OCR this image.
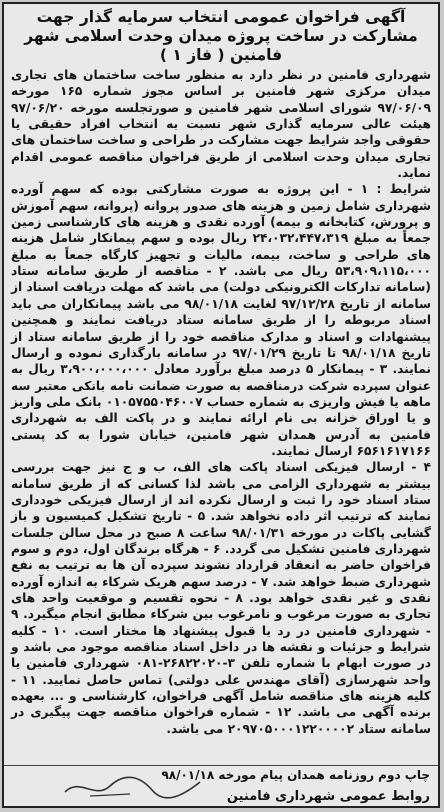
آگهی فراخوان عمومی انتخاب سرمایه گذار جهت مشارکت در ساخت پروژه میدان وحدت اسلامی شهر فامنین ( فاز ۱ )

شهرداری فامنین در نظر دارد به منظور ساخت ساختمان های تجاری میدان مرکزی شهر فامنین بر اساس مجوز شماره ۱۶۵ مورخه ۹۷/۰۶/۰۹ شورای اسلامی شهر فامنین و صورتجلسه مورخه ۹۷/۰۶/۲۰ هیئت عالی سرمایه گذاری شهر نسبت به انتخاب افراد حقیقی یا حقوقی واجد شرایط جهت مشارکت در طراحی و ساخت ساختمان های تجاری میدان وحدت اسلامی از طریق فراخوان مناقصه عمومی اقدام نماید.

شرایط : ۱ - این پروژه به صورت مشارکتی بوده که سهم آورده شهرداری شامل زمین و هزینه های صدور پروانه (پروانه، سهم آموزش و پرورش، کتابخانه و بیمه) آورده نقدی و هزینه های کارشناسی زمین جمعاً به مبلغ ۲۴،۰۳۲،۴۴۷،۳۱۹ ریال بوده و سهم پیمانکار شامل هزینه های طراحی و ساخت، بیمه، مالیات و تجهیز کارگاه جمعاً به مبلغ ۵۳،۹۰۹،۱۱۵،۰۰۰ ریال می باشد. ۲ - مناقصه از طریق سامانه ستاد (سامانه تدارکات الکترونیکی دولت) می باشد که مهلت دریافت اسناد از سامانه از تاریخ ۹۷/۱۲/۲۸ لغایت ۹۸/۰۱/۱۸ می باشد پیمانکاران می باید اسناد مربوطه را از طریق سامانه ستاد دریافت نمایند و همچنین پیشنهادات و اسناد و مدارک مناقصه خود را از طریق سامانه ستاد از تاریخ ۹۸/۰۱/۱۸ تا تاریخ ۹۷/۰۱/۲۹ در سامانه بارگذاری نموده و ارسال نمایند. ۳ - پیمانکار ۵ درصد مبلغ برآورد معادل ۳،۹۰۰،۰۰۰،۰۰۰ ریال به عنوان سپرده شرکت درمناقصه به صورت ضمانت نامه بانکی معتبر سه ماهه یا فیش واریزی به شماره حساب ۰۱۰۵۷۵۵۰۴۶۰۰۷ بانک ملی واریز و یا اوراق خزانه بی نام ارائه نمایند و در پاکت الف به شهرداری فامنین به آدرس همدان شهر فامنین، خیابان شورا به کد پستی ۶۵۶۱۶۱۷۱۶۶ ارسال نمایند.

۴ - ارسال فیزیکی اسناد پاکت های الف، ب و ج نیز جهت بررسی بیشتر به شهرداری الزامی می باشد لذا کسانی که از طریق سامانه ستاد اسناد خود را ثبت و ارسال نکرده اند از ارسال فیزیکی خودداری نمایند که ترتیب اثر داده نخواهد شد. ۵ - تاریخ تشکیل کمیسیون و باز گشایی پاکات در مورخه ۹۸/۰۱/۳۱ ساعت ۸ صبح در محل سالن جلسات شهرداری فامنین تشکیل می گردد. ۶ - هرگاه برندگان اول، دوم و سوم فراخوان حاضر به انعقاد قرارداد نشوند سپرده آن ها به ترتیب به نفع شهرداری ضبط خواهد شد. ۷ - درصد سهم هریک شرکاء به اندازه آورده نقدی و غیر نقدی خواهد بود. ۸ - نحوه تقسیم و موقعیت واحد های تجاری به صورت مرغوب و نامرغوب بین شرکاء مطابق انجام میگیرد. ۹ - شهرداری فامنین در رد یا قبول پیشنهاد ها مختار است. ۱۰ - کلیه شرایط و جزئیات و نقشه ها در داخل اسناد مناقصه موجود می باشد و در صورت ابهام با شماره تلفن ۳-۲۶۸۲۲۰۲۰-۰۸۱ شهرداری فامنین یا واحد شهرسازی (آقای مهندس علی دولتی) تماس حاصل نمایید. ۱۱ - کلیه هزینه های مناقصه شامل آگهی فراخوان، کارشناسی و ... بعهده برنده آگهی می باشد. ۱۲ - شماره فراخوان مناقصه جهت پیگیری در سامانه ستاد ۲۰۹۷۰۵۰۰۰۱۲۲۰۰۰۰۲ می باشد.

چاپ دوم روزنامه همدان پیام مورخه ۹۸/۰۱/۱۸
روابط عمومی شهرداری فامنین
